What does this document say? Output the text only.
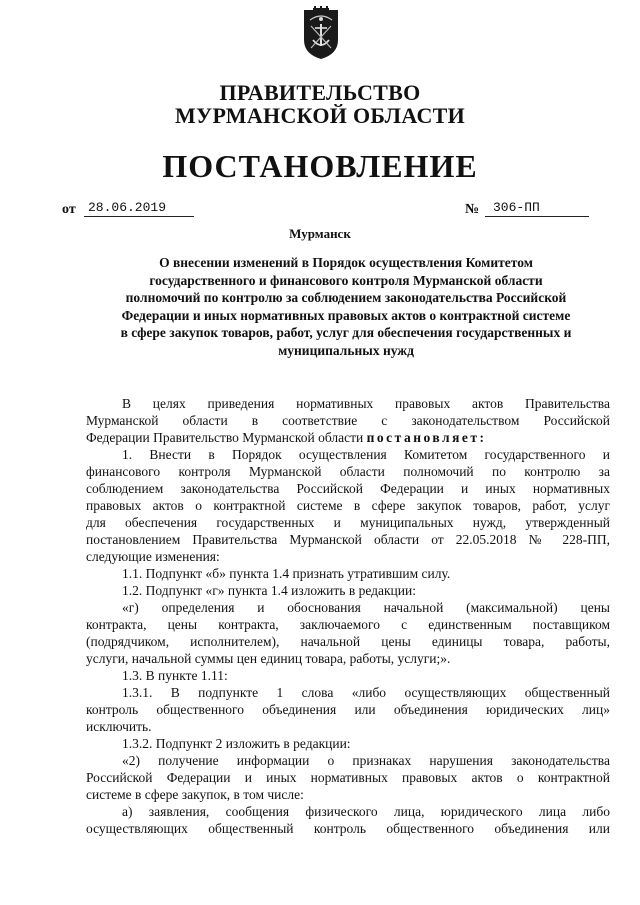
ПРАВИТЕЛЬСТВО
МУРМАНСКОЙ ОБЛАСТИ
ПОСТАНОВЛЕНИЕ
от 28.06.2019	№	306-ПП
Мурманск
О внесении изменений в Порядок осуществления Комитетом
государственного и финансового контроля Мурманской области
полномочий по контролю за соблюдением законодательства Российской
Федерации и иных нормативных правовых актов о контрактной системе
в сфере закупок товаров, работ, услуг для обеспечения государственных и
муниципальных нужд
В целях приведения нормативных правовых актов Правительства
Мурманской области в соответствие с законодательством Российской
Федерации Правительство Мурманской области постановляет:
1. Внести в Порядок осуществления Комитетом государственного и
финансового контроля Мурманской области полномочий по контролю за
соблюдением законодательства Российской Федерации и иных нормативных
правовых актов о контрактной системе в сфере закупок товаров, работ, услуг
для обеспечения государственных и муниципальных нужд, утвержденный
постановлением Правительства Мурманской области от 22.05.2018 № 228-ПП,
следующие изменения:
1.1. Подпункт «б» пункта 1.4 признать утратившим силу.
1.2. Подпункт «г» пункта 1.4 изложить в редакции:
«г) определения и обоснования начальной (максимальной) цены
контракта, цены контракта, заключаемого с единственным поставщиком
(подрядчиком, исполнителем), начальной цены единицы товара, работы,
услуги, начальной суммы цен единиц товара, работы, услуги;».
1.3. В пункте 1.11:
1.3.1. В подпункте 1 слова «либо осуществляющих общественный
контроль общественного объединения или объединения юридических лиц»
исключить.
1.3.2. Подпункт 2 изложить в редакции:
«2) получение информации о признаках нарушения законодательства
Российской Федерации и иных нормативных правовых актов о контрактной
системе в сфере закупок, в том числе:
а) заявления, сообщения физического лица, юридического лица либо
осуществляющих общественный контроль общественного объединения или
